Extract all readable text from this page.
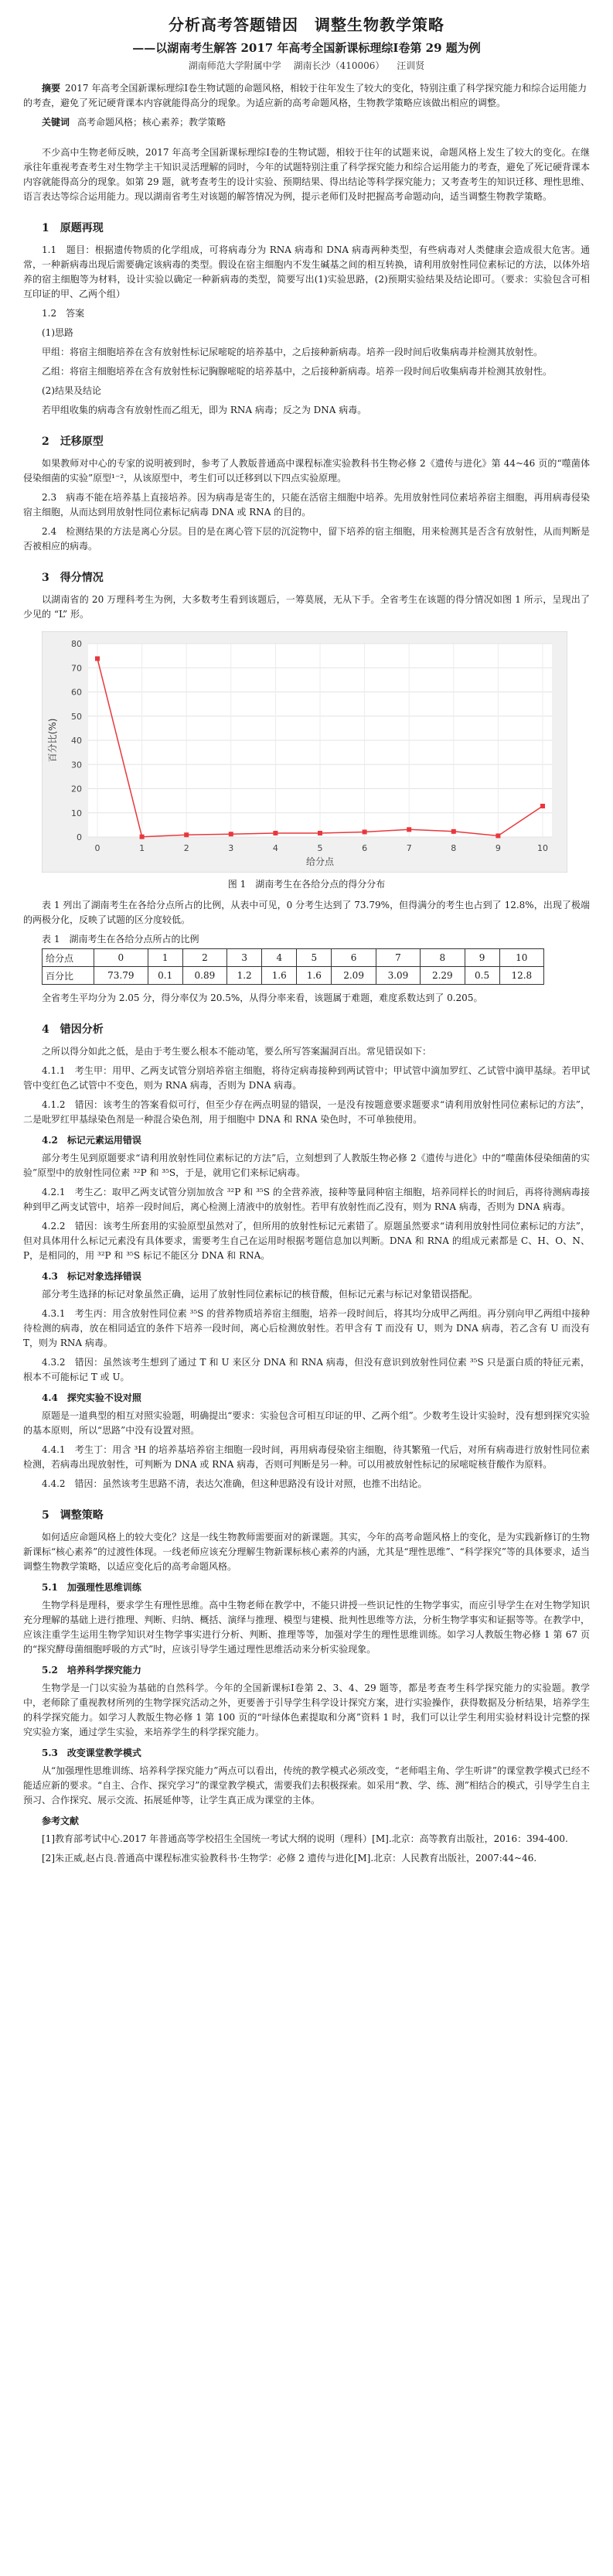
分析高考答题错因　调整生物教学策略
——以湖南考生解答 2017 年高考全国新课标理综Ⅰ卷第 29 题为例
湖南师范大学附属中学 湖南长沙（410006） 汪训贤
摘要 2017 年高考全国新课标理综Ⅰ卷生物试题的命题风格，相较于往年发生了较大的变化，特别注重了科学探究能力和综合运用能力的考查，避免了死记硬背课本内容就能得高分的现象。为适应新的高考命题风格，生物教学策略应该做出相应的调整。
关键词 高考命题风格；核心素养；教学策略

不少高中生物老师反映，2017 年高考全国新课标理综Ⅰ卷的生物试题，相较于往年的试题来说，命题风格上发生了较大的变化。在继承往年重视考查考生对生物学主干知识灵活理解的同时，今年的试题特别注重了科学探究能力和综合运用能力的考查，避免了死记硬背课本内容就能得高分的现象。如第 29 题，就考查考生的设计实验、预期结果、得出结论等科学探究能力；又考查考生的知识迁移、理性思维、语言表达等综合运用能力。现以湖南省考生对该题的解答情况为例，提示老师们及时把握高考命题动向，适当调整生物教学策略。

1　原题再现

1.1　题目：根据遗传物质的化学组成，可将病毒分为 RNA 病毒和 DNA 病毒两种类型，有些病毒对人类健康会造成很大危害。通常，一种新病毒出现后需要确定该病毒的类型。假设在宿主细胞内不发生碱基之间的相互转换，请利用放射性同位素标记的方法，以体外培养的宿主细胞等为材料，设计实验以确定一种新病毒的类型，简要写出(1)实验思路，(2)预期实验结果及结论即可。（要求：实验包含可相互印证的甲、乙两个组）

1.2　答案

(1)思路

甲组：将宿主细胞培养在含有放射性标记尿嘧啶的培养基中，之后接种新病毒。培养一段时间后收集病毒并检测其放射性。

乙组：将宿主细胞培养在含有放射性标记胸腺嘧啶的培养基中，之后接种新病毒。培养一段时间后收集病毒并检测其放射性。

(2)结果及结论

若甲组收集的病毒含有放射性而乙组无，即为 RNA 病毒；反之为 DNA 病毒。

2　迁移原型

如果教师对中心的专家的说明被到时，参考了人教版普通高中课程标准实验教科书生物必修 2《遗传与进化》第 44~46 页的“噬菌体侵染细菌的实验”原型¹⁻²，从该原型中，考生们可以迁移到以下四点实验原理。

2.3　病毒不能在培养基上直接培养。因为病毒是寄生的，只能在活宿主细胞中培养。先用放射性同位素培养宿主细胞，再用病毒侵染宿主细胞，从而达到用放射性同位素标记病毒 DNA 或 RNA 的目的。

2.4　检测结果的方法是离心分层。目的是在离心管下层的沉淀物中，留下培养的宿主细胞，用来检测其是否含有放射性，从而判断是否被相应的病毒。

3　得分情况

以湖南省的 20 万理科考生为例，大多数考生看到该题后，一筹莫展，无从下手。全省考生在该题的得分情况如图 1 所示，呈现出了少见的 “L” 形。

0
10
20
30
40
50
60
70
80
0	1	2	3	4	5	6	7	8	9	10
给分点
百分比(%)
图 1　湖南考生在各给分点的得分分布

表 1 列出了湖南考生在各给分点所占的比例，从表中可见，0 分考生达到了 73.79%，但得满分的考生也占到了 12.8%，出现了极端的两极分化，反映了试题的区分度较低。

表 1　湖南考生在各给分点所占的比例
给分点	0	1	2	3	4	5	6	7	8	9	10
百分比	73.79	0.1	0.89	1.2	1.6	1.6	2.09	3.09	2.29	0.5	12.8

全省考生平均分为 2.05 分，得分率仅为 20.5%，从得分率来看，该题属于难题，难度系数达到了 0.205。

4　错因分析

之所以得分如此之低，是由于考生要么根本不能动笔，要么所写答案漏洞百出。常见错误如下：

4.1.1　考生甲：用甲、乙两支试管分别培养宿主细胞，将待定病毒接种到两试管中；甲试管中滴加罗红、乙试管中滴甲基绿。若甲试管中变红色乙试管中不变色，则为 RNA 病毒，否则为 DNA 病毒。

4.1.2　错因：该考生的答案看似可行，但至少存在两点明显的错误，一是没有按题意要求题要求“请利用放射性同位素标记的方法”，二是吡罗红甲基绿染色剂是一种混合染色剂，用于细胞中 DNA 和 RNA 染色时，不可单独使用。

4.2　标记元素运用错误

部分考生见到原题要求“请利用放射性同位素标记的方法”后，立刻想到了人教版生物必修 2《遗传与进化》中的“噬菌体侵染细菌的实验”原型中的放射性同位素 ³²P 和 ³⁵S，于是，就用它们来标记病毒。

4.2.1　考生乙：取甲乙两支试管分别加放含 ³²P 和 ³⁵S 的全营养液，接种等量同种宿主细胞，培养同样长的时间后，再将待测病毒接种到甲乙两支试管中，培养一段时间后，离心检测上清液中的放射性。若甲有放射性而乙没有，则为 RNA 病毒，否则为 DNA 病毒。

4.2.2　错因：该考生所套用的实验原型虽然对了，但所用的放射性标记元素错了。原题虽然要求“请利用放射性同位素标记的方法”，但对具体用什么标记元素没有具体要求，需要考生自己在运用时根据考题信息加以判断。DNA 和 RNA 的组成元素都是 C、H、O、N、P，是相同的，用 ³²P 和 ³⁵S 标记不能区分 DNA 和 RNA。

4.3　标记对象选择错误

部分考生选择的标记对象虽然正确，运用了放射性同位素标记的核苷酸，但标记元素与标记对象错误搭配。

4.3.1　考生丙：用含放射性同位素 ³⁵S 的营养物质培养宿主细胞，培养一段时间后，将其均分成甲乙两组。再分别向甲乙两组中接种待检测的病毒，放在相同适宜的条件下培养一段时间，离心后检测放射性。若甲含有 T 而没有 U，则为 DNA 病毒，若乙含有 U 而没有 T，则为 RNA 病毒。

4.3.2　错因：虽然该考生想到了通过 T 和 U 来区分 DNA 和 RNA 病毒，但没有意识到放射性同位素 ³⁵S 只是蛋白质的特征元素，根本不可能标记 T 或 U。

4.4　探究实验不设对照

原题是一道典型的相互对照实验题，明确提出“要求：实验包含可相互印证的甲、乙两个组”。少数考生设计实验时，没有想到探究实验的基本原则，所以“思路”中没有设置对照。

4.4.1　考生丁：用含 ³H 的培养基培养宿主细胞一段时间，再用病毒侵染宿主细胞，待其繁殖一代后，对所有病毒进行放射性同位素检测，若病毒出现放射性，可判断为 DNA 或 RNA 病毒，否则可判断是另一种。可以用被放射性标记的尿嘧啶核苷酸作为原料。

4.4.2　错因：虽然该考生思路不清，表达欠准确，但这种思路没有设计对照，也推不出结论。

5　调整策略

如何适应命题风格上的较大变化？这是一线生物教师需要面对的新课题。其实，今年的高考命题风格上的变化，是为实践新修订的生物新课标“核心素养”的过渡性体现。一线老师应该充分理解生物新课标核心素养的内涵，尤其是“理性思维”、“科学探究”等的具体要求，适当调整生物教学策略，以适应变化后的高考命题风格。

5.1　加强理性思维训练

生物学科是理科，要求学生有理性思维。高中生物老师在教学中，不能只讲授一些识记性的生物学事实，而应引导学生在对生物学知识充分理解的基础上进行推理、判断、归纳、概括、演绎与推理、模型与建模、批判性思维等方法，分析生物学事实和证据等等。在教学中，应该注重学生运用生物学知识对生物学事实进行分析、判断、推理等等，加强对学生的理性思维训练。如学习人教版生物必修 1 第 67 页的“探究酵母菌细胞呼吸的方式”时，应该引导学生通过理性思维活动来分析实验现象。

5.2　培养科学探究能力

生物学是一门以实验为基础的自然科学。今年的全国新课标Ⅰ卷第 2、3、4、29 题等，都是考查考生科学探究能力的实验题。教学中，老师除了重视教材所列的生物学探究活动之外，更要善于引导学生科学设计探究方案，进行实验操作，获得数据及分析结果，培养学生的科学探究能力。如学习人教版生物必修 1 第 100 页的“叶绿体色素提取和分离”资料 1 时，我们可以让学生利用实验材料设计完整的探究实验方案，通过学生实验，来培养学生的科学探究能力。

5.3　改变课堂教学模式

从“加强理性思维训练、培养科学探究能力”两点可以看出，传统的教学模式必须改变，“老师唱主角、学生听讲”的课堂教学模式已经不能适应新的要求。“自主、合作、探究学习”的课堂教学模式，需要我们去积极探索。如采用“教、学、练、测”相结合的模式，引导学生自主预习、合作探究、展示交流、拓展延伸等，让学生真正成为课堂的主体。

参考文献

[1]教育部考试中心.2017 年普通高等学校招生全国统一考试大纲的说明（理科）[M].北京：高等教育出版社，2016：394-400.

[2]朱正威,赵占良.普通高中课程标准实验教科书·生物学：必修 2 遗传与进化[M].北京：人民教育出版社，2007:44~46.
